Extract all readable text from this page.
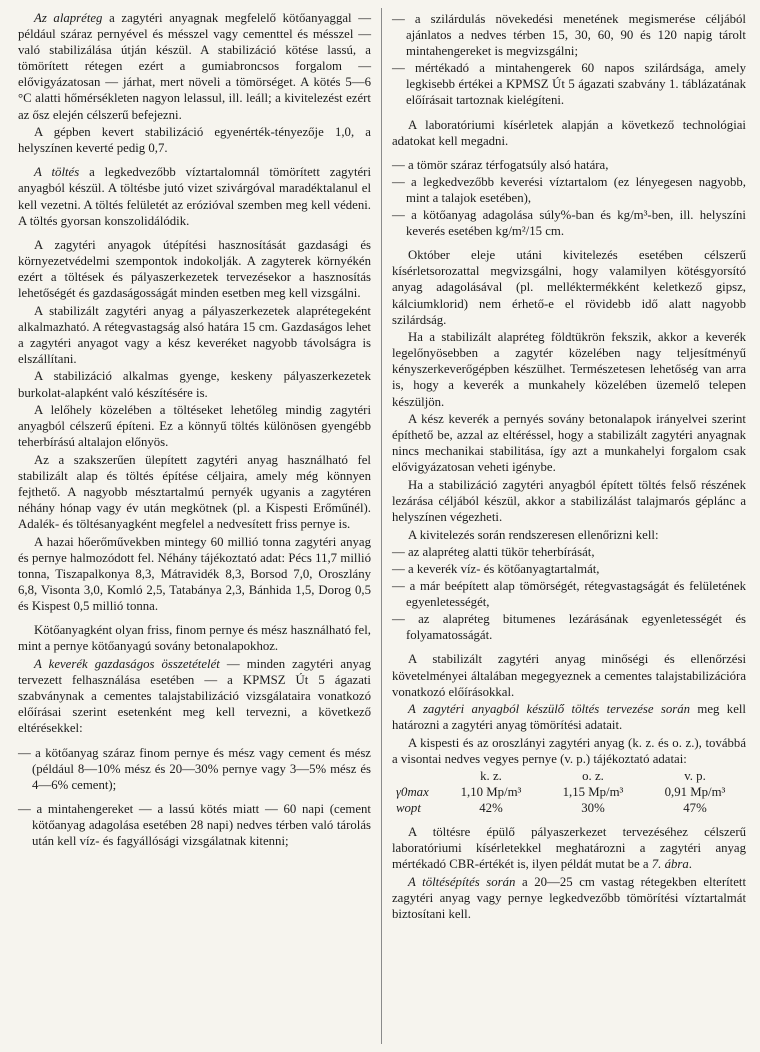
Az alapréteg a zagytéri anyagnak megfelelő kötőanyaggal — például száraz pernyével és mésszel vagy cementtel és mésszel — való stabilizálása útján készül. A stabilizáció kötése lassú, a tömörített rétegen ezért a gumiabroncsos forgalom — elővigyázatosan — járhat, mert növeli a tömörséget. A kötés 5—6 °C alatti hőmérsékleten nagyon lelassul, ill. leáll; a kivitelezést ezért az ősz elején célszerű befejezni.
A gépben kevert stabilizáció egyenérték-tényezője 1,0, a helyszínen keverté pedig 0,7.
A töltés a legkedvezőbb víztartalomnál tömörített zagytéri anyagból készül. A töltésbe jutó vizet szivárgóval maradéktalanul el kell vezetni. A töltés felületét az erózióval szemben meg kell védeni. A töltés gyorsan konszolidálódik.
A zagytéri anyagok útépítési hasznosítását gazdasági és környezetvédelmi szempontok indokolják. A zagyterek környékén ezért a töltések és pályaszerkezetek tervezésekor a hasznosítás lehetőségét és gazdaságosságát minden esetben meg kell vizsgálni.
A stabilizált zagytéri anyag a pályaszerkezetek alaprétegeként alkalmazható. A rétegvastagság alsó határa 15 cm. Gazdaságos lehet a zagytéri anyagot vagy a kész keveréket nagyobb távolságra is elszállítani.
A stabilizáció alkalmas gyenge, keskeny pályaszerkezetek burkolat-alapként való készítésére is.
A lelőhely közelében a töltéseket lehetőleg mindig zagytéri anyagból célszerű építeni. Ez a könnyű töltés különösen gyengébb teherbírású altalajon előnyös.
Az a szakszerűen ülepített zagytéri anyag használható fel stabilizált alap és töltés építése céljaira, amely még könnyen fejthető. A nagyobb mésztartalmú pernyék ugyanis a zagytéren néhány hónap vagy év után megkötnek (pl. a Kispesti Erőműnél). Adalék- és töltésanyagként megfelel a nedvesített friss pernye is.
A hazai hőerőművekben mintegy 60 millió tonna zagytéri anyag és pernye halmozódott fel. Néhány tájékoztató adat: Pécs 11,7 millió tonna, Tiszapalkonya 8,3, Mátravidék 8,3, Borsod 7,0, Oroszlány 6,8, Visonta 3,0, Komló 2,5, Tatabánya 2,3, Bánhida 1,5, Dorog 0,5 és Kispest 0,5 millió tonna.
Kötőanyagként olyan friss, finom pernye és mész használható fel, mint a pernye kötőanyagú sovány betonalapokhoz.
A keverék gazdaságos összetételét — minden zagytéri anyag tervezett felhasználása esetében — a KPMSZ Út 5 ágazati szabványnak a cementes talajstabilizáció vizsgálataira vonatkozó előírásai szerint esetenként meg kell tervezni, a következő eltérésekkel:
— a kötőanyag száraz finom pernye és mész vagy cement és mész (például 8—10% mész és 20—30% pernye vagy 3—5% mész és 4—6% cement);
— a mintahengereket — a lassú kötés miatt — 60 napi (cement kötőanyag adagolása esetében 28 napi) nedves térben való tárolás után kell víz- és fagyállósági vizsgálatnak kitenni;
— a szilárdulás növekedési menetének megismerése céljából ajánlatos a nedves térben 15, 30, 60, 90 és 120 napig tárolt mintahengereket is megvizsgálni;
— mértékadó a mintahengerek 60 napos szilárdsága, amely legkisebb értékei a KPMSZ Út 5 ágazati szabvány 1. táblázatának előírásait tartoznak kielégíteni.
A laboratóriumi kísérletek alapján a következő technológiai adatokat kell megadni.
— a tömör száraz térfogatsúly alsó határa,
— a legkedvezőbb keverési víztartalom (ez lényegesen nagyobb, mint a talajok esetében),
— a kötőanyag adagolása súly%-ban és kg/m³-ben, ill. helyszíni keverés esetében kg/m²/15 cm.
Október eleje utáni kivitelezés esetében célszerű kísérletsorozattal megvizsgálni, hogy valamilyen kötésgyorsító anyag adagolásával (pl. melléktermékként keletkező gipsz, kálciumklorid) nem érhető-e el rövidebb idő alatt nagyobb szilárdság.
Ha a stabilizált alapréteg földtükrön fekszik, akkor a keverék legelőnyösebben a zagytér közelében nagy teljesítményű kényszerkeverőgépben készülhet. Természetesen lehetőség van arra is, hogy a keverék a munkahely közelében üzemelő telepen készüljön.
A kész keverék a pernyés sovány betonalapok irányelvei szerint építhető be, azzal az eltéréssel, hogy a stabilizált zagytéri anyagnak nincs mechanikai stabilitása, így azt a munkahelyi forgalom csak elővigyázatosan veheti igénybe.
Ha a stabilizáció zagytéri anyagból épített töltés felső részének lezárása céljából készül, akkor a stabilizálást talajmarós géplánc a helyszínen végezheti.
A kivitelezés során rendszeresen ellenőrizni kell:
— az alapréteg alatti tükör teherbírását,
— a keverék víz- és kötőanyagtartalmát,
— a már beépített alap tömörségét, rétegvastagságát és felületének egyenletességét,
— az alapréteg bitumenes lezárásának egyenletességét és folyamatosságát.
A stabilizált zagytéri anyag minőségi és ellenőrzési követelményei általában megegyeznek a cementes talajstabilizációra vonatkozó előírásokkal.
A zagytéri anyagból készülő töltés tervezése során meg kell határozni a zagytéri anyag tömörítési adatait.
A kispesti és az oroszlányi zagytéri anyag (k. z. és o. z.), továbbá a visontai nedves vegyes pernye (v. p.) tájékoztató adatai:
	k. z.	o. z.	v. p.
γ0max	1,10 Mp/m³	1,15 Mp/m³	0,91 Mp/m³
wopt	42%	30%	47%
A töltésre épülő pályaszerkezet tervezéséhez célszerű laboratóriumi kísérletekkel meghatározni a zagytéri anyag mértékadó CBR-értékét is, ilyen példát mutat be a 7. ábra.
A töltésépítés során a 20—25 cm vastag rétegekben elterített zagytéri anyag vagy pernye legkedvezőbb tömörítési víztartalmát biztosítani kell.
